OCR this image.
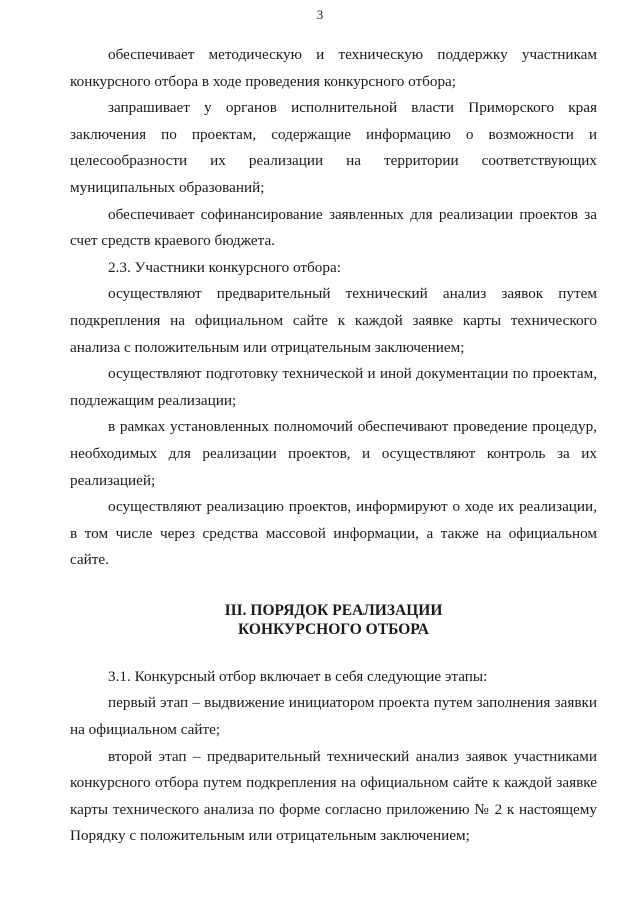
3

обеспечивает методическую и техническую поддержку участникам конкурсного отбора в ходе проведения конкурсного отбора;

запрашивает у органов исполнительной власти Приморского края заключения по проектам, содержащие информацию о возможности и целесообразности их реализации на территории соответствующих муниципальных образований;

обеспечивает софинансирование заявленных для реализации проектов за счет средств краевого бюджета.

2.3. Участники конкурсного отбора:

осуществляют предварительный технический анализ заявок путем подкрепления на официальном сайте к каждой заявке карты технического анализа с положительным или отрицательным заключением;

осуществляют подготовку технической и иной документации по проектам, подлежащим реализации;

в рамках установленных полномочий обеспечивают проведение процедур, необходимых для реализации проектов, и осуществляют контроль за их реализацией;

осуществляют реализацию проектов, информируют о ходе их реализации, в том числе через средства массовой информации, а также на официальном сайте.

III. ПОРЯДОК РЕАЛИЗАЦИИ
КОНКУРСНОГО ОТБОРА

3.1. Конкурсный отбор включает в себя следующие этапы:

первый этап – выдвижение инициатором проекта путем заполнения заявки на официальном сайте;

второй этап – предварительный технический анализ заявок участниками конкурсного отбора путем подкрепления на официальном сайте к каждой заявке карты технического анализа по форме согласно приложению № 2 к настоящему Порядку с положительным или отрицательным заключением;
